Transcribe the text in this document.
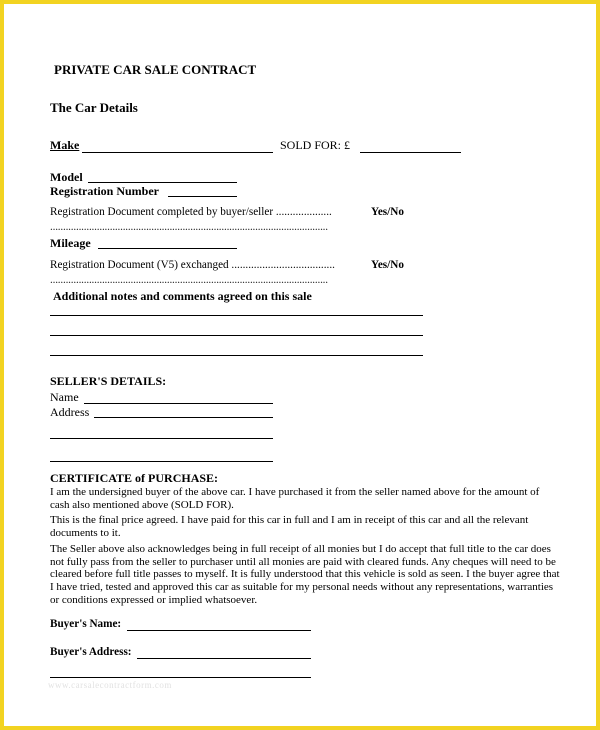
PRIVATE CAR SALE CONTRACT
The Car Details
Make	SOLD FOR: £
Model
Registration Number
Registration Document completed by buyer/seller ....................	Yes/No
...........................................................................................................
Mileage
Registration Document (V5) exchanged .....................................	Yes/No
...........................................................................................................
Additional notes and comments agreed on this sale
SELLER'S DETAILS:
Name
Address
CERTIFICATE of PURCHASE:
I am the undersigned buyer of the above car. I have purchased it from the seller named above for the amount of cash also mentioned above (SOLD FOR).
This is the final price agreed. I have paid for this car in full and I am in receipt of this car and all the relevant documents to it.
The Seller above also acknowledges being in full receipt of all monies but I do accept that full title to the car does not fully pass from the seller to purchaser until all monies are paid with cleared funds. Any cheques will need to be cleared before full title passes to myself. It is fully understood that this vehicle is sold as seen. I the buyer agree that I have tried, tested and approved this car as suitable for my personal needs without any representations, warranties or conditions expressed or implied whatsoever.
Buyer's Name:
Buyer's Address:
www.carsalecontractform.com
